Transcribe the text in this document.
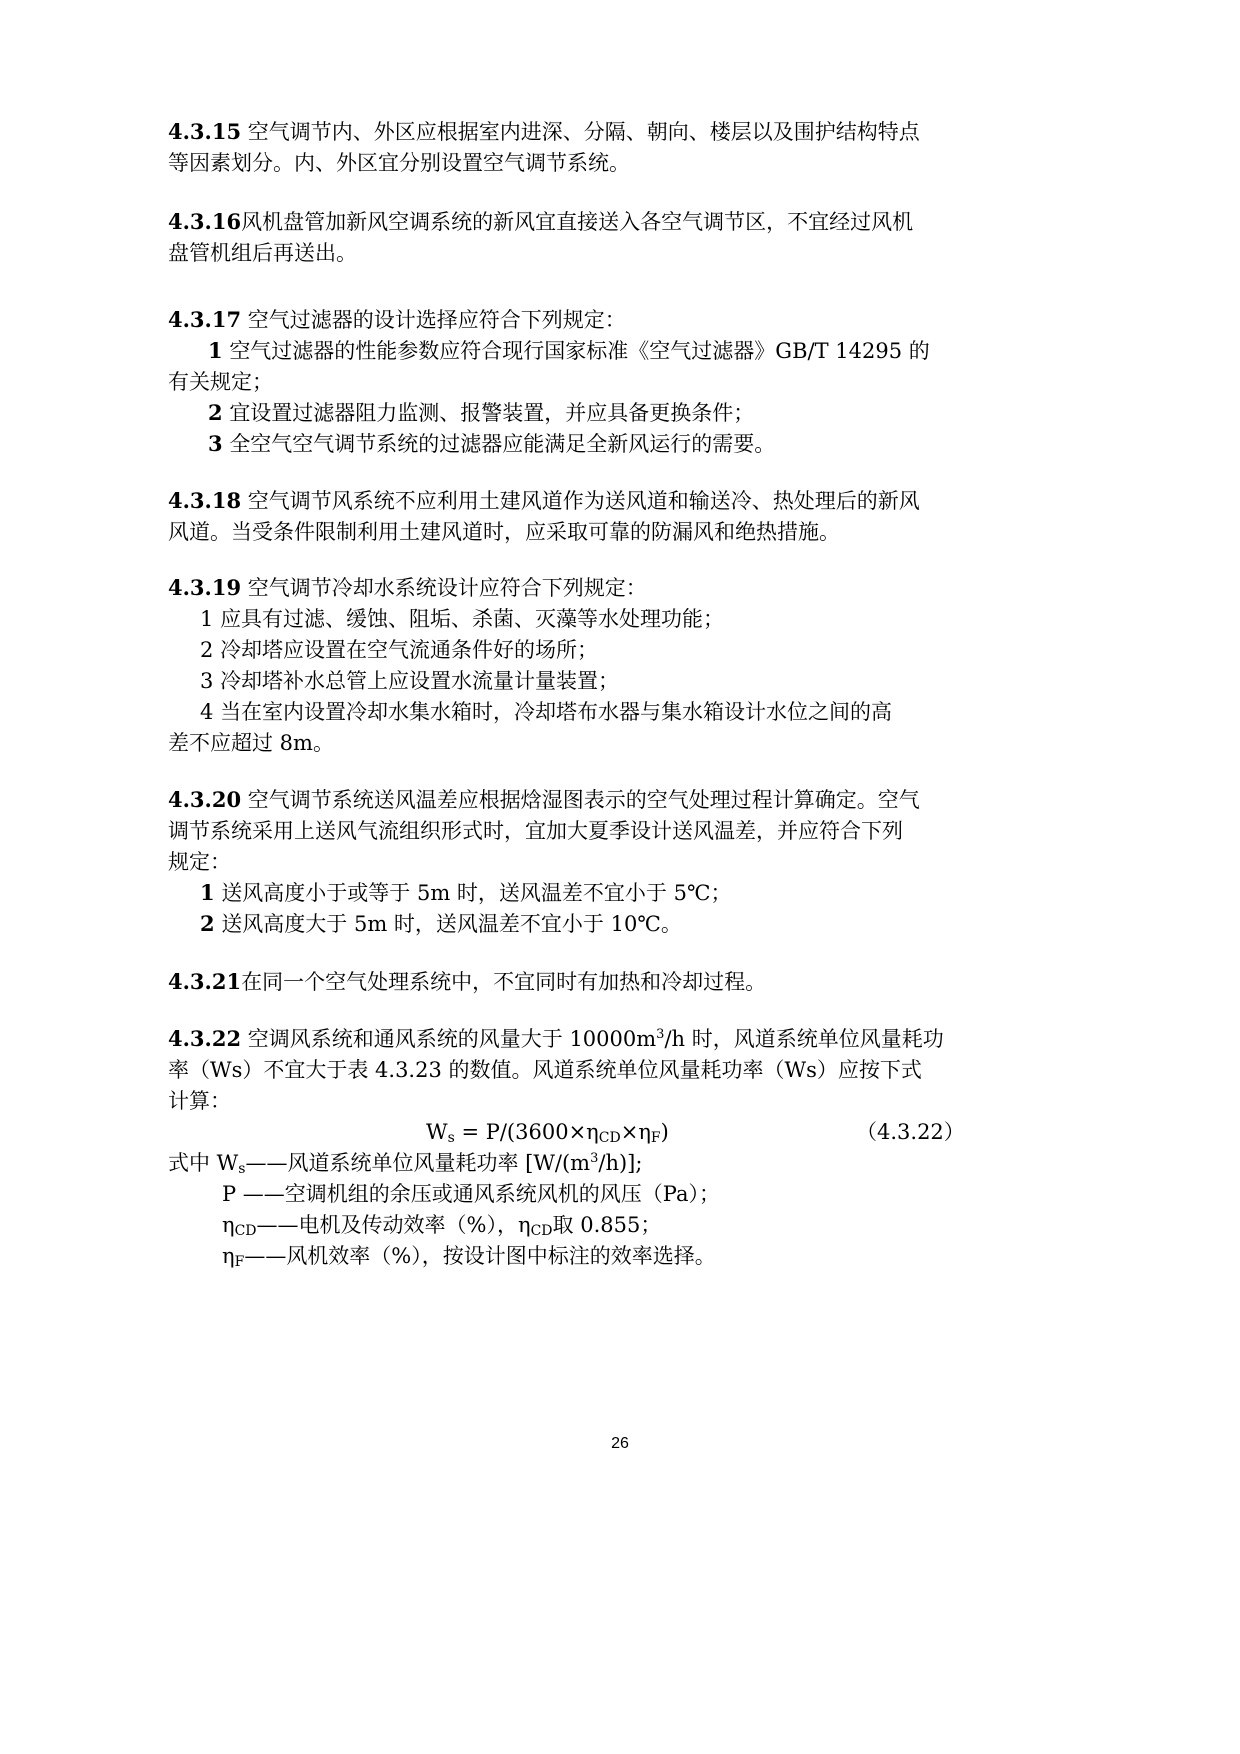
4.3.15 空气调节内、外区应根据室内进深、分隔、朝向、楼层以及围护结构特点
等因素划分。内、外区宜分别设置空气调节系统。
4.3.16风机盘管加新风空调系统的新风宜直接送入各空气调节区，不宜经过风机
盘管机组后再送出。
4.3.17 空气过滤器的设计选择应符合下列规定：
1 空气过滤器的性能参数应符合现行国家标准《空气过滤器》GB/T 14295 的
有关规定；
2 宜设置过滤器阻力监测、报警装置，并应具备更换条件；
3 全空气空气调节系统的过滤器应能满足全新风运行的需要。
4.3.18 空气调节风系统不应利用土建风道作为送风道和输送冷、热处理后的新风
风道。当受条件限制利用土建风道时，应采取可靠的防漏风和绝热措施。
4.3.19 空气调节冷却水系统设计应符合下列规定：
1 应具有过滤、缓蚀、阻垢、杀菌、灭藻等水处理功能；
2 冷却塔应设置在空气流通条件好的场所；
3 冷却塔补水总管上应设置水流量计量装置；
4 当在室内设置冷却水集水箱时，冷却塔布水器与集水箱设计水位之间的高
差不应超过 8m。
4.3.20 空气调节系统送风温差应根据焓湿图表示的空气处理过程计算确定。空气
调节系统采用上送风气流组织形式时，宜加大夏季设计送风温差，并应符合下列
规定：
1 送风高度小于或等于 5m 时，送风温差不宜小于 5℃；
2 送风高度大于 5m 时，送风温差不宜小于 10℃。
4.3.21在同一个空气处理系统中，不宜同时有加热和冷却过程。
4.3.22 空调风系统和通风系统的风量大于 $10000m^3/h$ 时，风道系统单位风量耗功
率（Ws）不宜大于表 4.3.23 的数值。风道系统单位风量耗功率（Ws）应按下式
计算：
$W_s = P/(3600\times\eta_{CD}\times\eta_F)$	（4.3.22）
式中 $W_s——$风道系统单位风量耗功率 $[W/(m^3/h)]$;
P ——空调机组的余压或通风系统风机的风压（Pa）；
$\eta_{CD}——$电机及传动效率（%），$\eta_{CD}$取 0.855；
$\eta_F——$风机效率（%），按设计图中标注的效率选择。
26
